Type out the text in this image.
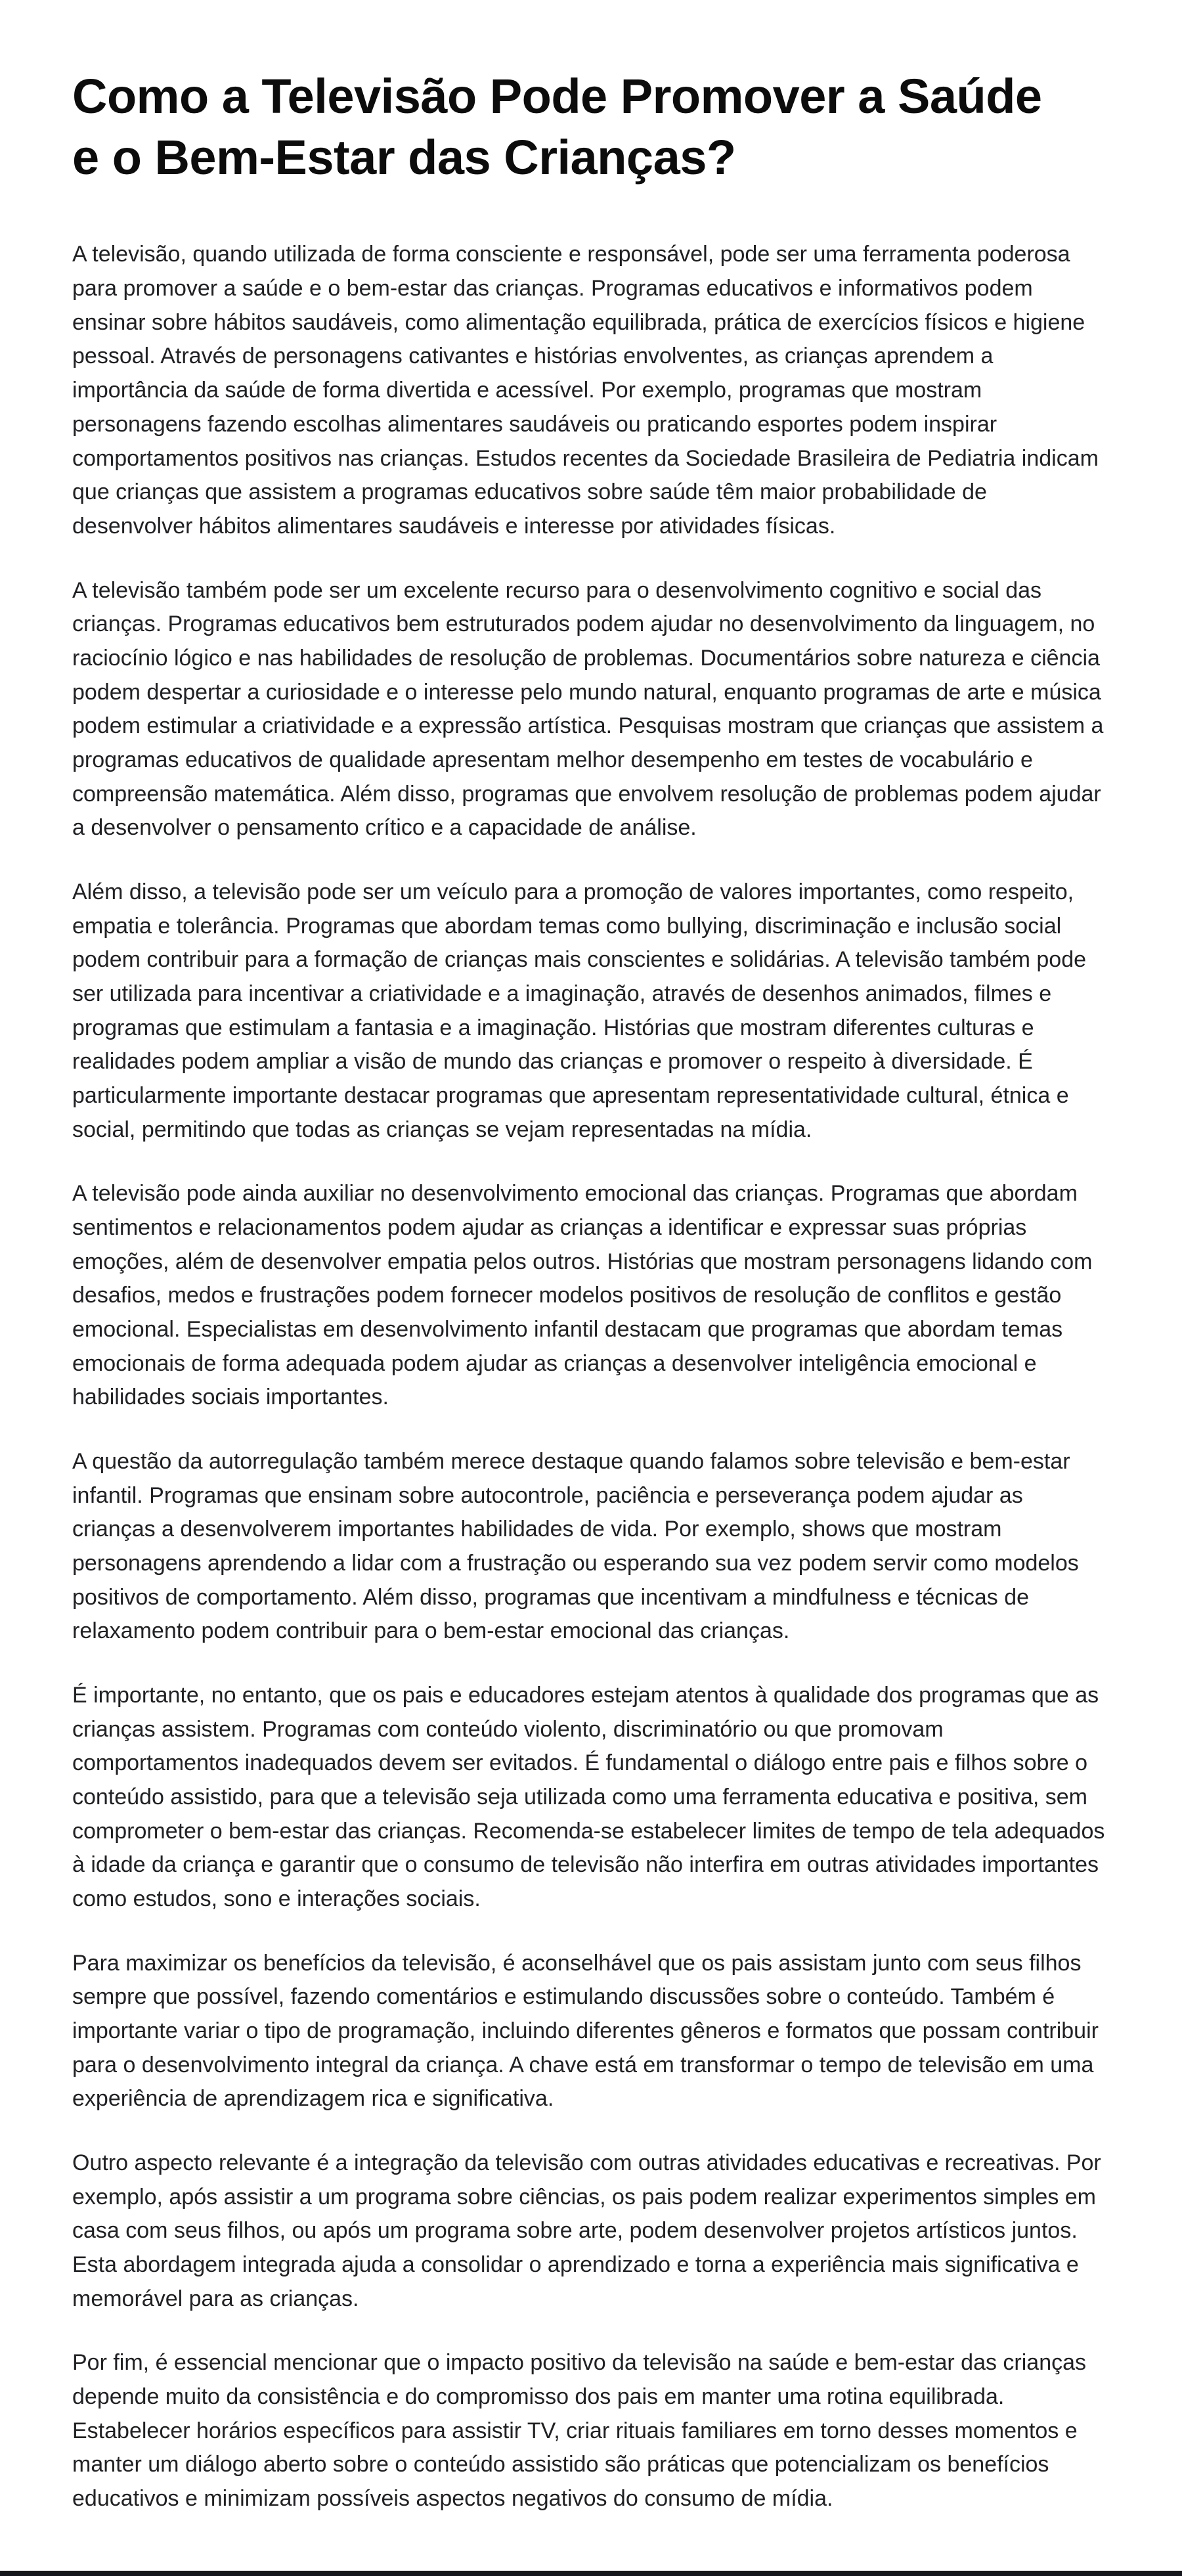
Como a Televisão Pode Promover a Saúde e o Bem-Estar das Crianças?

A televisão, quando utilizada de forma consciente e responsável, pode ser uma ferramenta poderosa para promover a saúde e o bem-estar das crianças. Programas educativos e informativos podem ensinar sobre hábitos saudáveis, como alimentação equilibrada, prática de exercícios físicos e higiene pessoal. Através de personagens cativantes e histórias envolventes, as crianças aprendem a importância da saúde de forma divertida e acessível. Por exemplo, programas que mostram personagens fazendo escolhas alimentares saudáveis ou praticando esportes podem inspirar comportamentos positivos nas crianças. Estudos recentes da Sociedade Brasileira de Pediatria indicam que crianças que assistem a programas educativos sobre saúde têm maior probabilidade de desenvolver hábitos alimentares saudáveis e interesse por atividades físicas.

A televisão também pode ser um excelente recurso para o desenvolvimento cognitivo e social das crianças. Programas educativos bem estruturados podem ajudar no desenvolvimento da linguagem, no raciocínio lógico e nas habilidades de resolução de problemas. Documentários sobre natureza e ciência podem despertar a curiosidade e o interesse pelo mundo natural, enquanto programas de arte e música podem estimular a criatividade e a expressão artística. Pesquisas mostram que crianças que assistem a programas educativos de qualidade apresentam melhor desempenho em testes de vocabulário e compreensão matemática. Além disso, programas que envolvem resolução de problemas podem ajudar a desenvolver o pensamento crítico e a capacidade de análise.

Além disso, a televisão pode ser um veículo para a promoção de valores importantes, como respeito, empatia e tolerância. Programas que abordam temas como bullying, discriminação e inclusão social podem contribuir para a formação de crianças mais conscientes e solidárias. A televisão também pode ser utilizada para incentivar a criatividade e a imaginação, através de desenhos animados, filmes e programas que estimulam a fantasia e a imaginação. Histórias que mostram diferentes culturas e realidades podem ampliar a visão de mundo das crianças e promover o respeito à diversidade. É particularmente importante destacar programas que apresentam representatividade cultural, étnica e social, permitindo que todas as crianças se vejam representadas na mídia.

A televisão pode ainda auxiliar no desenvolvimento emocional das crianças. Programas que abordam sentimentos e relacionamentos podem ajudar as crianças a identificar e expressar suas próprias emoções, além de desenvolver empatia pelos outros. Histórias que mostram personagens lidando com desafios, medos e frustrações podem fornecer modelos positivos de resolução de conflitos e gestão emocional. Especialistas em desenvolvimento infantil destacam que programas que abordam temas emocionais de forma adequada podem ajudar as crianças a desenvolver inteligência emocional e habilidades sociais importantes.

A questão da autorregulação também merece destaque quando falamos sobre televisão e bem-estar infantil. Programas que ensinam sobre autocontrole, paciência e perseverança podem ajudar as crianças a desenvolverem importantes habilidades de vida. Por exemplo, shows que mostram personagens aprendendo a lidar com a frustração ou esperando sua vez podem servir como modelos positivos de comportamento. Além disso, programas que incentivam a mindfulness e técnicas de relaxamento podem contribuir para o bem-estar emocional das crianças.

É importante, no entanto, que os pais e educadores estejam atentos à qualidade dos programas que as crianças assistem. Programas com conteúdo violento, discriminatório ou que promovam comportamentos inadequados devem ser evitados. É fundamental o diálogo entre pais e filhos sobre o conteúdo assistido, para que a televisão seja utilizada como uma ferramenta educativa e positiva, sem comprometer o bem-estar das crianças. Recomenda-se estabelecer limites de tempo de tela adequados à idade da criança e garantir que o consumo de televisão não interfira em outras atividades importantes como estudos, sono e interações sociais.

Para maximizar os benefícios da televisão, é aconselhável que os pais assistam junto com seus filhos sempre que possível, fazendo comentários e estimulando discussões sobre o conteúdo. Também é importante variar o tipo de programação, incluindo diferentes gêneros e formatos que possam contribuir para o desenvolvimento integral da criança. A chave está em transformar o tempo de televisão em uma experiência de aprendizagem rica e significativa.

Outro aspecto relevante é a integração da televisão com outras atividades educativas e recreativas. Por exemplo, após assistir a um programa sobre ciências, os pais podem realizar experimentos simples em casa com seus filhos, ou após um programa sobre arte, podem desenvolver projetos artísticos juntos. Esta abordagem integrada ajuda a consolidar o aprendizado e torna a experiência mais significativa e memorável para as crianças.

Por fim, é essencial mencionar que o impacto positivo da televisão na saúde e bem-estar das crianças depende muito da consistência e do compromisso dos pais em manter uma rotina equilibrada. Estabelecer horários específicos para assistir TV, criar rituais familiares em torno desses momentos e manter um diálogo aberto sobre o conteúdo assistido são práticas que potencializam os benefícios educativos e minimizam possíveis aspectos negativos do consumo de mídia.
